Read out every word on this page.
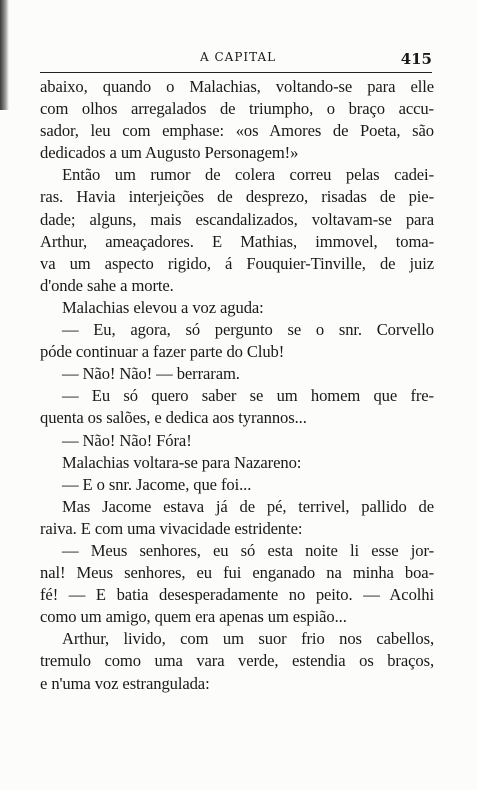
A CAPITAL	415
abaixo, quando o Malachias, voltando-se para elle
com olhos arregalados de triumpho, o braço accu-
sador, leu com emphase: «os Amores de Poeta, são
dedicados a um Augusto Personagem!»
Então um rumor de colera correu pelas cadei-
ras. Havia interjeições de desprezo, risadas de pie-
dade; alguns, mais escandalizados, voltavam-se para
Arthur, ameaçadores. E Mathias, immovel, toma-
va um aspecto rigido, á Fouquier-Tinville, de juiz
d'onde sahe a morte.
Malachias elevou a voz aguda:
— Eu, agora, só pergunto se o snr. Corvello
póde continuar a fazer parte do Club!
— Não! Não! — berraram.
— Eu só quero saber se um homem que fre-
quenta os salões, e dedica aos tyrannos...
— Não! Não! Fóra!
Malachias voltara-se para Nazareno:
— E o snr. Jacome, que foi...
Mas Jacome estava já de pé, terrivel, pallido de
raiva. E com uma vivacidade estridente:
— Meus senhores, eu só esta noite li esse jor-
nal! Meus senhores, eu fui enganado na minha boa-
fé! — E batia desesperadamente no peito. — Acolhi
como um amigo, quem era apenas um espião...
Arthur, livido, com um suor frio nos cabellos,
tremulo como uma vara verde, estendia os braços,
e n'uma voz estrangulada:
